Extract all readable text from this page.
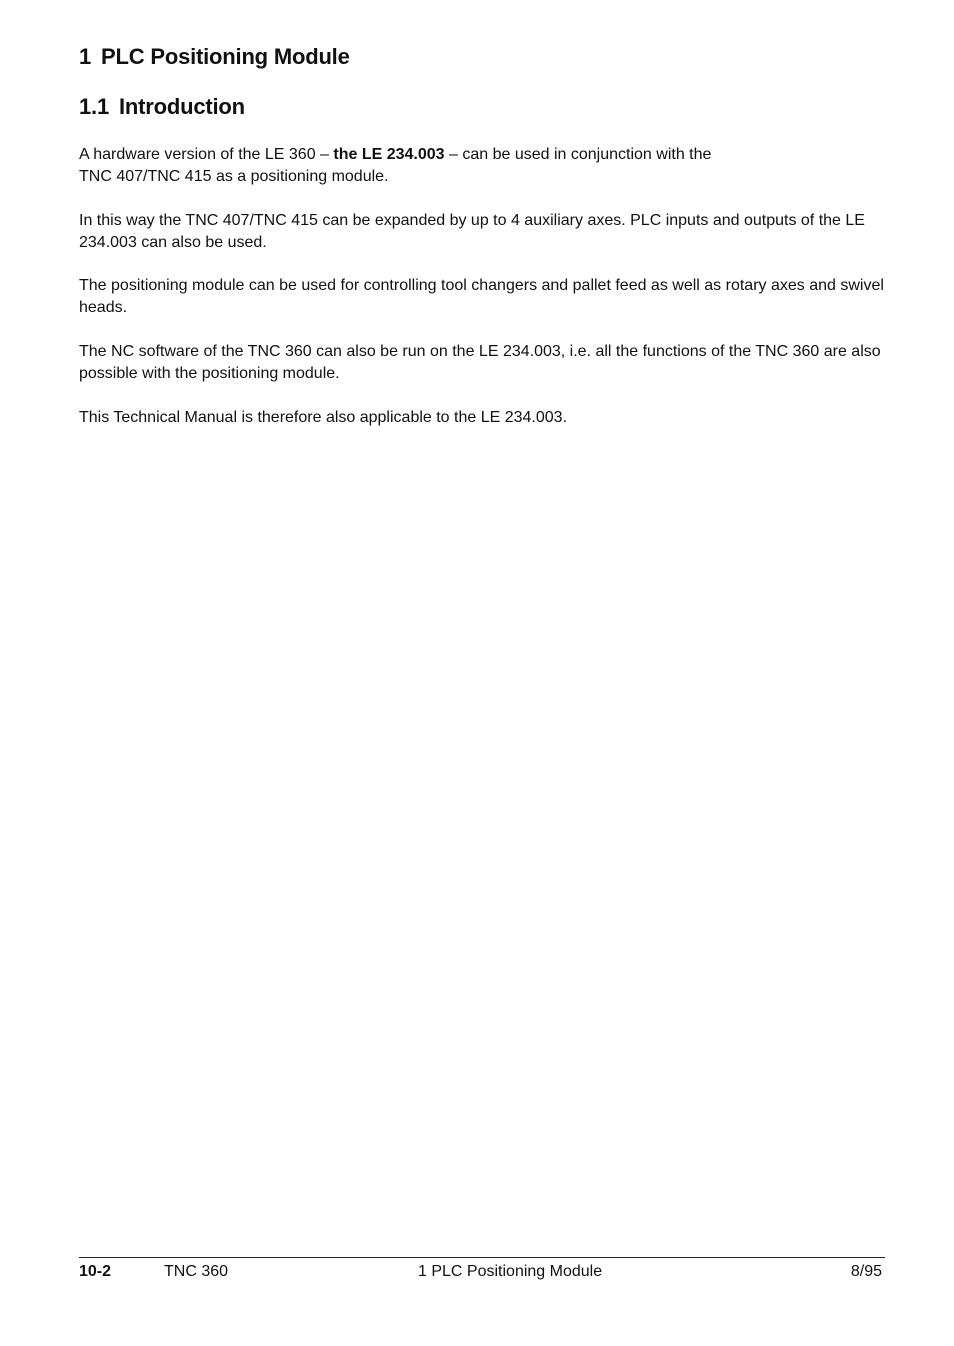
1 PLC Positioning Module
1.1 Introduction

A hardware version of the LE 360 – the LE 234.003 – can be used in conjunction with the
TNC 407/TNC 415 as a positioning module.

In this way the TNC 407/TNC 415 can be expanded by up to 4 auxiliary axes. PLC inputs and outputs of the LE 234.003 can also be used.

The positioning module can be used for controlling tool changers and pallet feed as well as rotary axes and swivel heads.

The NC software of the TNC 360 can also be run on the LE 234.003, i.e. all the functions of the TNC 360 are also possible with the positioning module.

This Technical Manual is therefore also applicable to the LE 234.003.

10-2	TNC 360	1 PLC Positioning Module	8/95
